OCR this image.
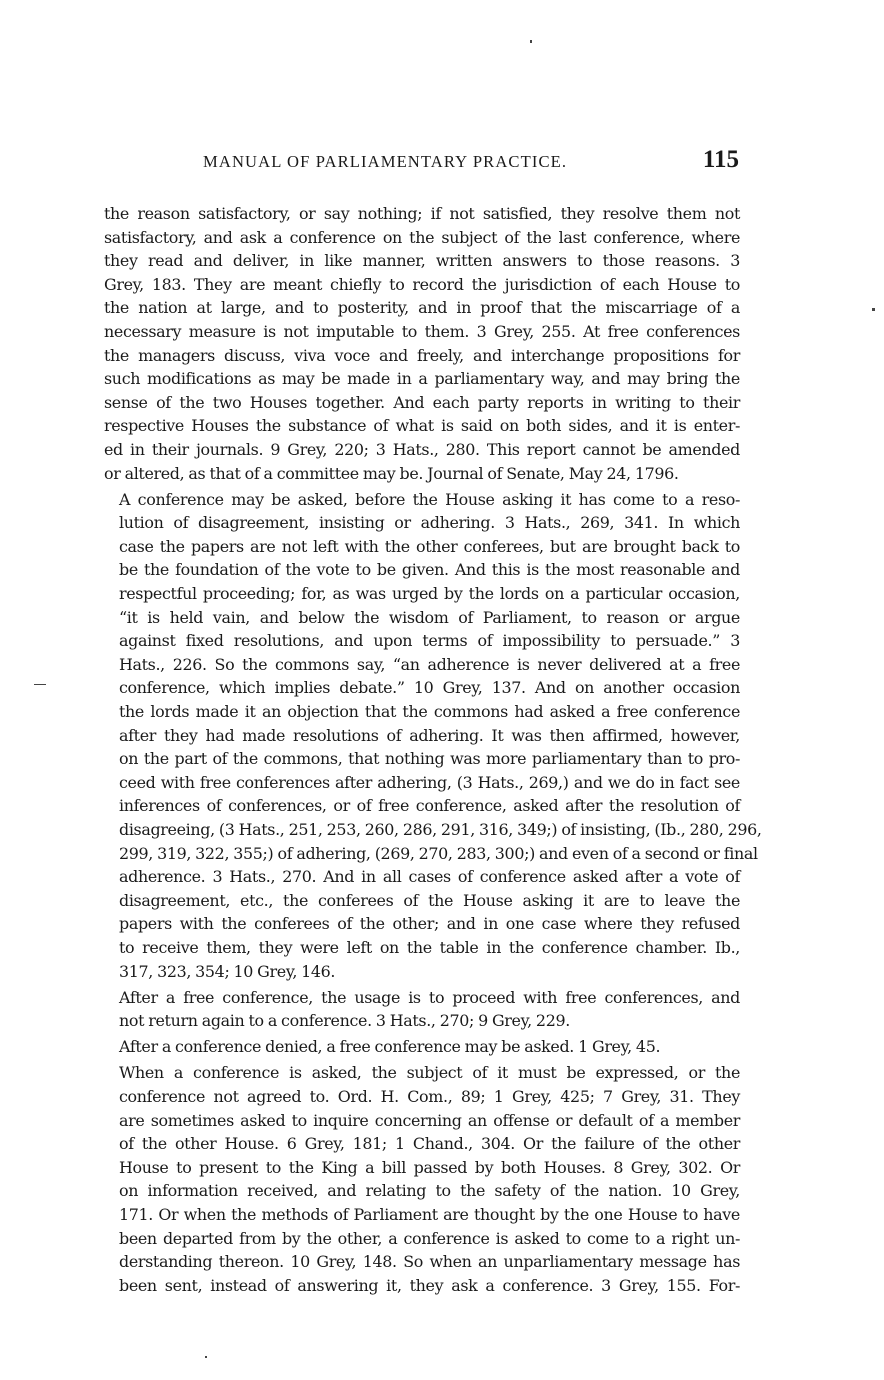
MANUAL OF PARLIAMENTARY PRACTICE.	115
the reason satisfactory, or say nothing; if not satisfied, they resolve them not
satisfactory, and ask a conference on the subject of the last conference, where
they read and deliver, in like manner, written answers to those reasons. 3
Grey, 183. They are meant chiefly to record the jurisdiction of each House to
the nation at large, and to posterity, and in proof that the miscarriage of a
necessary measure is not imputable to them. 3 Grey, 255. At free conferences
the managers discuss, viva voce and freely, and interchange propositions for
such modifications as may be made in a parliamentary way, and may bring the
sense of the two Houses together. And each party reports in writing to their
respective Houses the substance of what is said on both sides, and it is enter-
ed in their journals. 9 Grey, 220; 3 Hats., 280. This report cannot be amended
or altered, as that of a committee may be. Journal of Senate, May 24, 1796.
A conference may be asked, before the House asking it has come to a reso-
lution of disagreement, insisting or adhering. 3 Hats., 269, 341. In which
case the papers are not left with the other conferees, but are brought back to
be the foundation of the vote to be given. And this is the most reasonable and
respectful proceeding; for, as was urged by the lords on a particular occasion,
“it is held vain, and below the wisdom of Parliament, to reason or argue
against fixed resolutions, and upon terms of impossibility to persuade.” 3
Hats., 226. So the commons say, “an adherence is never delivered at a free
conference, which implies debate.” 10 Grey, 137. And on another occasion
the lords made it an objection that the commons had asked a free conference
after they had made resolutions of adhering. It was then affirmed, however,
on the part of the commons, that nothing was more parliamentary than to pro-
ceed with free conferences after adhering, (3 Hats., 269,) and we do in fact see
inferences of conferences, or of free conference, asked after the resolution of
disagreeing, (3 Hats., 251, 253, 260, 286, 291, 316, 349;) of insisting, (Ib., 280, 296,
299, 319, 322, 355;) of adhering, (269, 270, 283, 300;) and even of a second or final
adherence. 3 Hats., 270. And in all cases of conference asked after a vote of
disagreement, etc., the conferees of the House asking it are to leave the
papers with the conferees of the other; and in one case where they refused
to receive them, they were left on the table in the conference chamber. Ib.,
317, 323, 354; 10 Grey, 146.
After a free conference, the usage is to proceed with free conferences, and
not return again to a conference. 3 Hats., 270; 9 Grey, 229.
After a conference denied, a free conference may be asked. 1 Grey, 45.
When a conference is asked, the subject of it must be expressed, or the
conference not agreed to. Ord. H. Com., 89; 1 Grey, 425; 7 Grey, 31. They
are sometimes asked to inquire concerning an offense or default of a member
of the other House. 6 Grey, 181; 1 Chand., 304. Or the failure of the other
House to present to the King a bill passed by both Houses. 8 Grey, 302. Or
on information received, and relating to the safety of the nation. 10 Grey,
171. Or when the methods of Parliament are thought by the one House to have
been departed from by the other, a conference is asked to come to a right un-
derstanding thereon. 10 Grey, 148. So when an unparliamentary message has
been sent, instead of answering it, they ask a conference. 3 Grey, 155. For-
